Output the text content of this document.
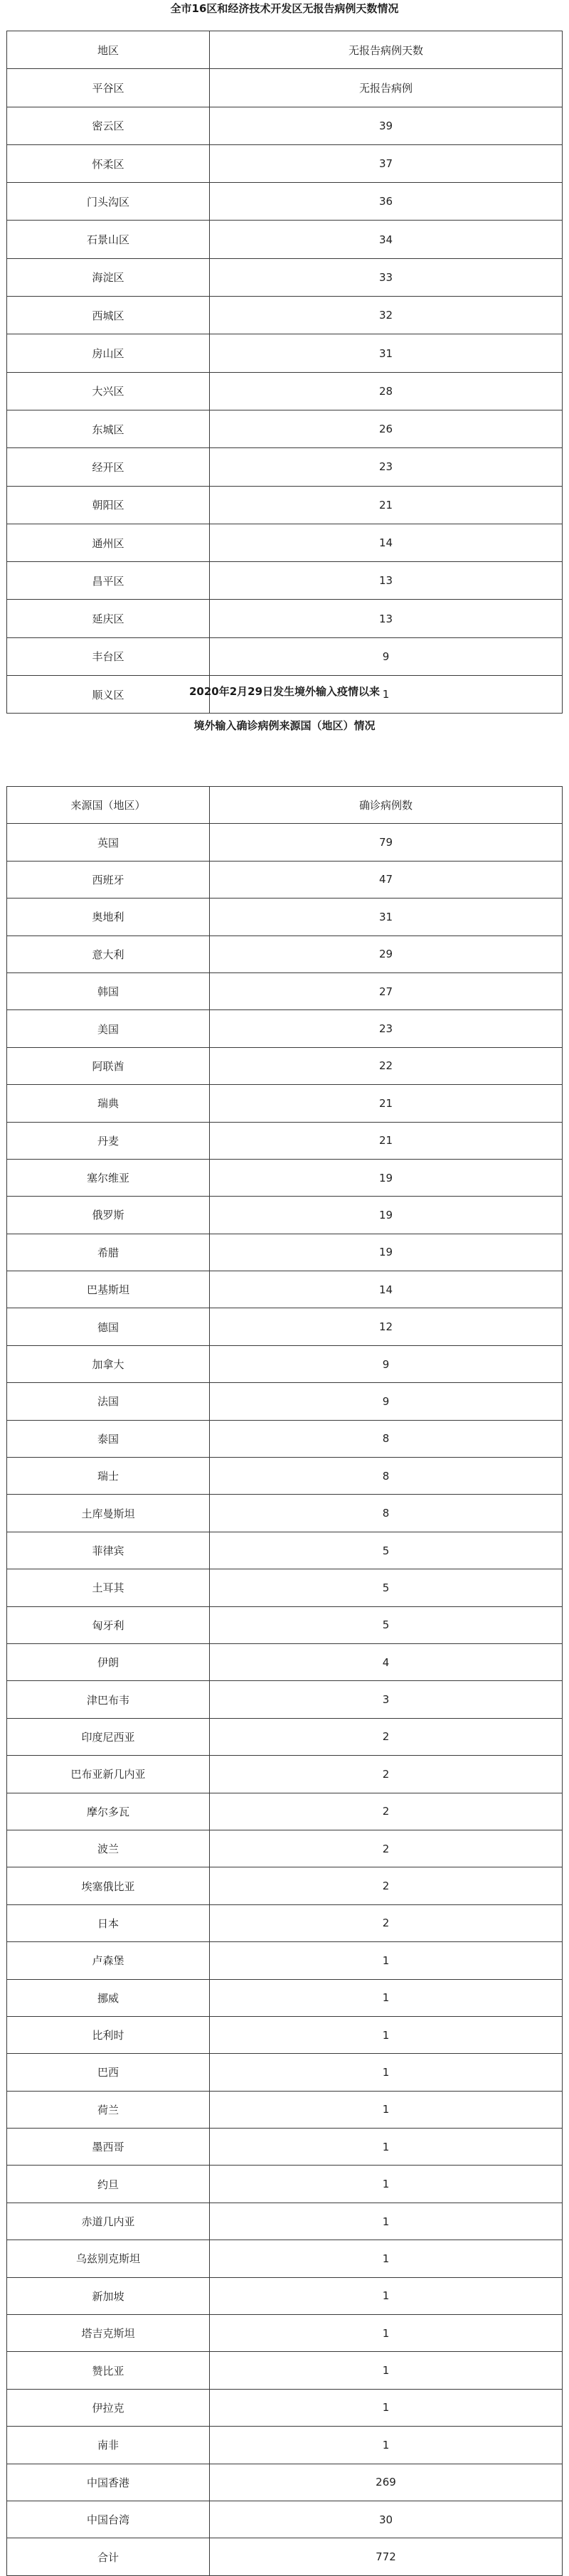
全市16区和经济技术开发区无报告病例天数情况
地区	无报告病例天数
平谷区	无报告病例
密云区	39
怀柔区	37
门头沟区	36
石景山区	34
海淀区	33
西城区	32
房山区	31
大兴区	28
东城区	26
经开区	23
朝阳区	21
通州区	14
昌平区	13
延庆区	13
丰台区	9
顺义区	1
2020年2月29日发生境外输入疫情以来
境外输入确诊病例来源国（地区）情况
来源国（地区）	确诊病例数
英国	79
西班牙	47
奥地利	31
意大利	29
韩国	27
美国	23
阿联酋	22
瑞典	21
丹麦	21
塞尔维亚	19
俄罗斯	19
希腊	19
巴基斯坦	14
德国	12
加拿大	9
法国	9
泰国	8
瑞士	8
土库曼斯坦	8
菲律宾	5
土耳其	5
匈牙利	5
伊朗	4
津巴布韦	3
印度尼西亚	2
巴布亚新几内亚	2
摩尔多瓦	2
波兰	2
埃塞俄比亚	2
日本	2
卢森堡	1
挪威	1
比利时	1
巴西	1
荷兰	1
墨西哥	1
约旦	1
赤道几内亚	1
乌兹别克斯坦	1
新加坡	1
塔吉克斯坦	1
赞比亚	1
伊拉克	1
南非	1
中国香港	269
中国台湾	30
合计	772
